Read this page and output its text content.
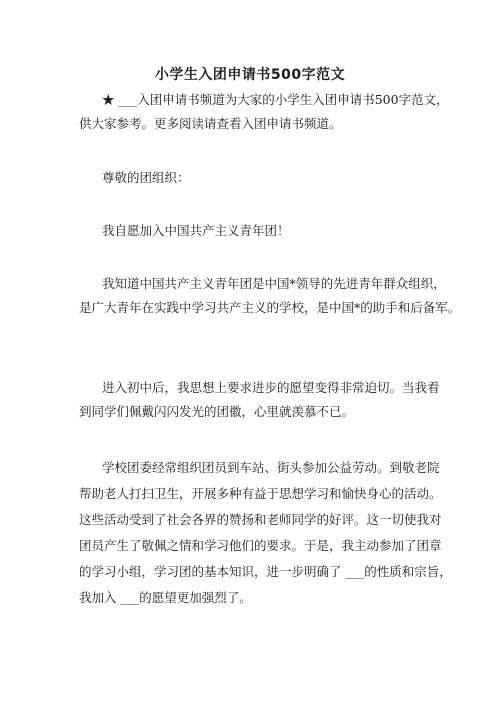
小学生入团申请书500字范文
★ ___入团申请书频道为大家的小学生入团申请书500字范文，
供大家参考。更多阅读请查看入团申请书频道。
尊敬的团组织：
我自愿加入中国共产主义青年团！
我知道中国共产主义青年团是中国*领导的先进青年群众组织，
是广大青年在实践中学习共产主义的学校，是中国*的助手和后备军。
进入初中后，我思想上要求进步的愿望变得非常迫切。当我看
到同学们佩戴闪闪发光的团徽，心里就羡慕不已。
学校团委经常组织团员到车站、街头参加公益劳动。到敬老院
帮助老人打扫卫生，开展多种有益于思想学习和愉快身心的活动。
这些活动受到了社会各界的赞扬和老师同学的好评。这一切使我对
团员产生了敬佩之情和学习他们的要求。于是，我主动参加了团章
的学习小组，学习团的基本知识，进一步明确了 ___的性质和宗旨，
我加入 ___的愿望更加强烈了。
